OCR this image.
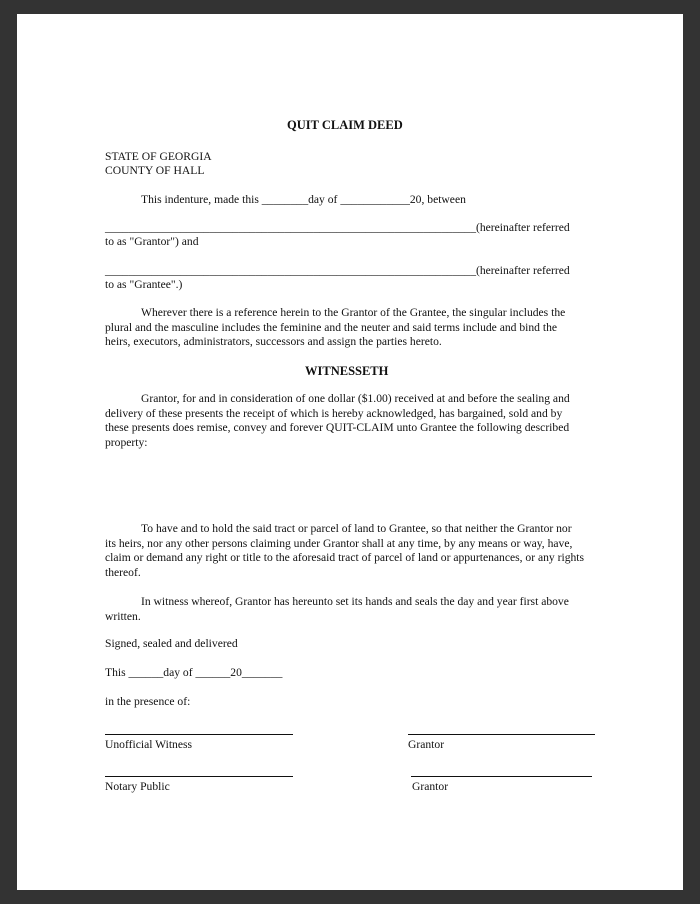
QUIT CLAIM DEED
STATE OF GEORGIA
COUNTY OF HALL
This indenture, made this ________day of ____________20, between
________________________________________________________________(hereinafter referred
to as "Grantor") and
________________________________________________________________(hereinafter referred
to as "Grantee".)
Wherever there is a reference herein to the Grantor of the Grantee, the singular includes the plural and the masculine includes the feminine and the neuter and said terms include and bind the heirs, executors, administrators, successors and assign the parties hereto.
WITNESSETH
Grantor, for and in consideration of one dollar ($1.00) received at and before the sealing and delivery of these presents the receipt of which is hereby acknowledged, has bargained, sold and by these presents does remise, convey and forever QUIT-CLAIM unto Grantee the following described property:
To have and to hold the said tract or parcel of land to Grantee, so that neither the Grantor nor its heirs, nor any other persons claiming under Grantor shall at any time, by any means or way, have, claim or demand any right or title to the aforesaid tract of parcel of land or appurtenances, or any rights thereof.
In witness whereof, Grantor has hereunto set its hands and seals the day and year first above written.
Signed, sealed and delivered
This ______day of ______20_______
in the presence of:
Unofficial Witness	Grantor
Notary Public	Grantor
